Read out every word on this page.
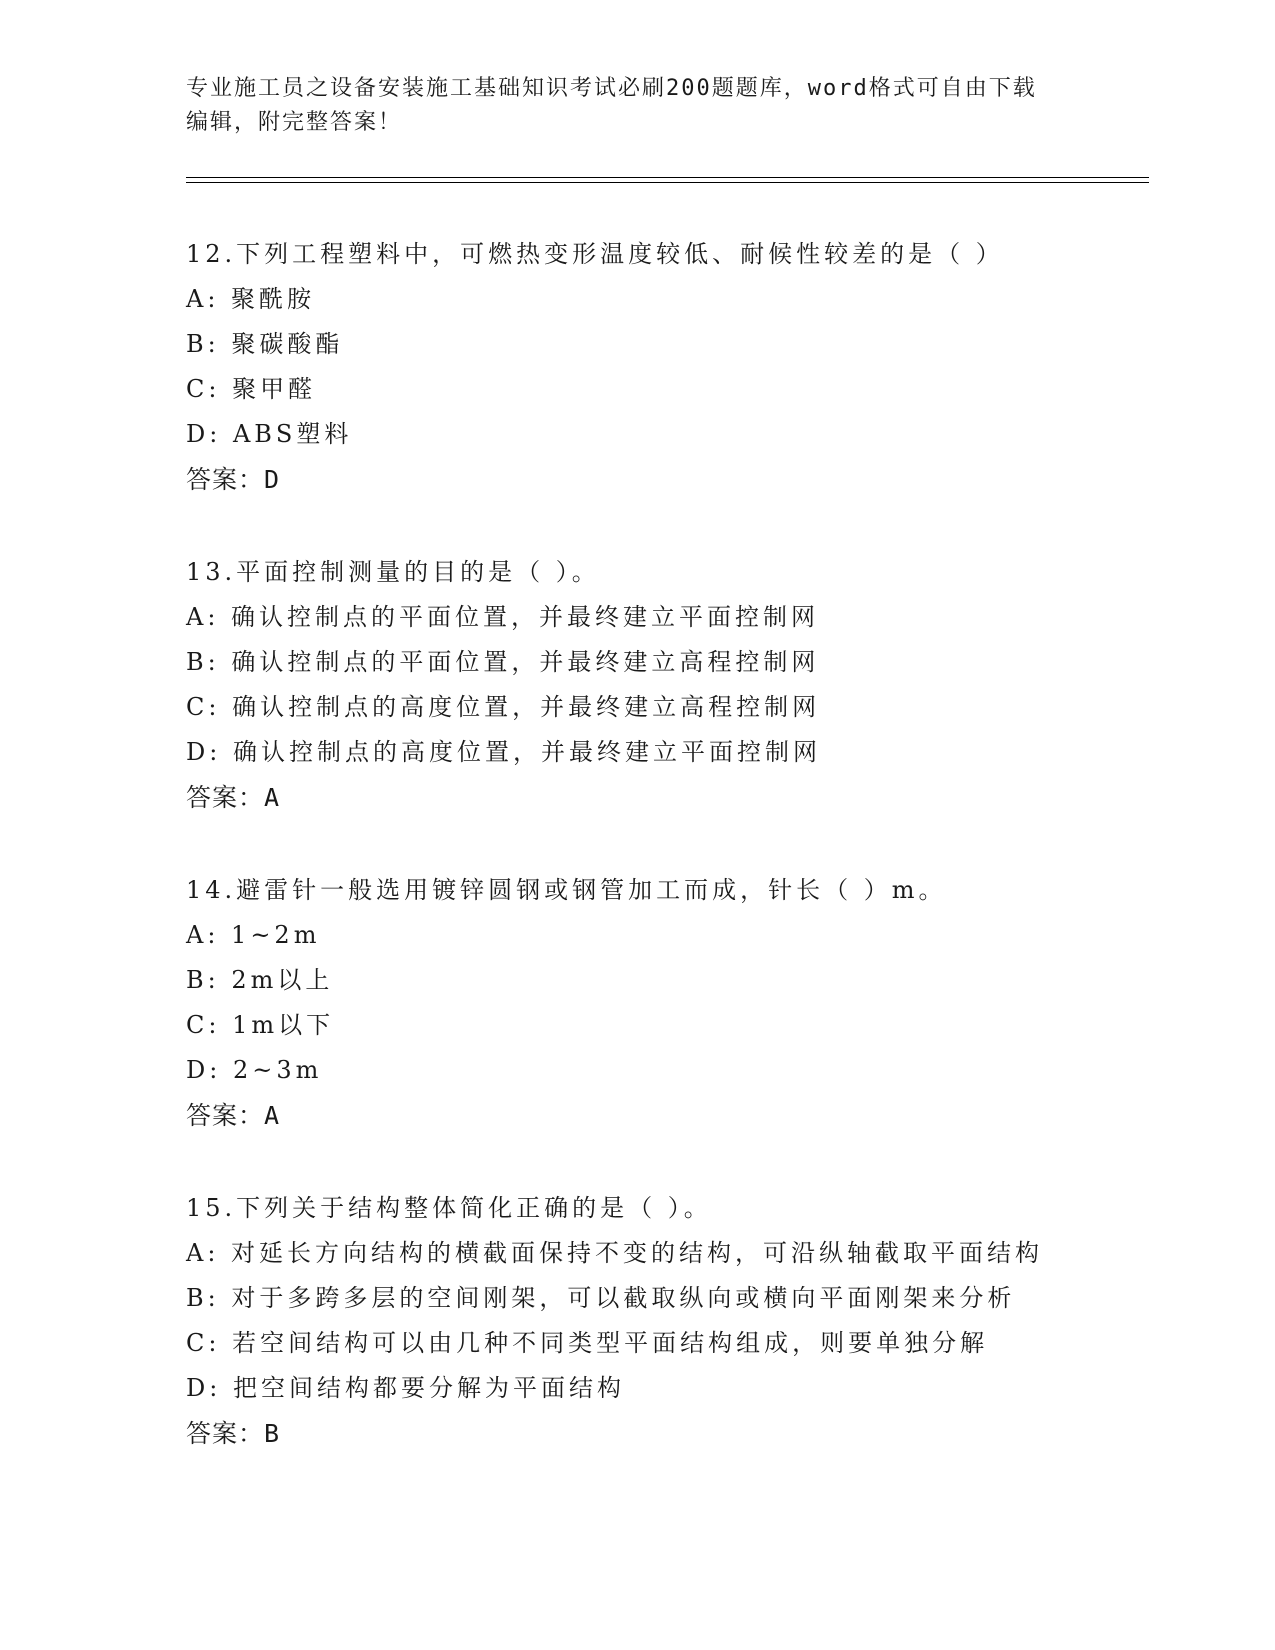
专业施工员之设备安装施工基础知识考试必刷200题题库，word格式可自由下载
编辑，附完整答案！
12.下列工程塑料中，可燃热变形温度较低、耐候性较差的是（ ）
A: 聚酰胺
B: 聚碳酸酯
C: 聚甲醛
D: ABS塑料
答案：D
13.平面控制测量的目的是（ ）。
A: 确认控制点的平面位置，并最终建立平面控制网
B: 确认控制点的平面位置，并最终建立高程控制网
C: 确认控制点的高度位置，并最终建立高程控制网
D: 确认控制点的高度位置，并最终建立平面控制网
答案：A
14.避雷针一般选用镀锌圆钢或钢管加工而成，针长（ ）m。
A: 1~2m
B: 2m以上
C: 1m以下
D: 2~3m
答案：A
15.下列关于结构整体简化正确的是（ ）。
A: 对延长方向结构的横截面保持不变的结构，可沿纵轴截取平面结构
B: 对于多跨多层的空间刚架，可以截取纵向或横向平面刚架来分析
C: 若空间结构可以由几种不同类型平面结构组成，则要单独分解
D: 把空间结构都要分解为平面结构
答案：B
